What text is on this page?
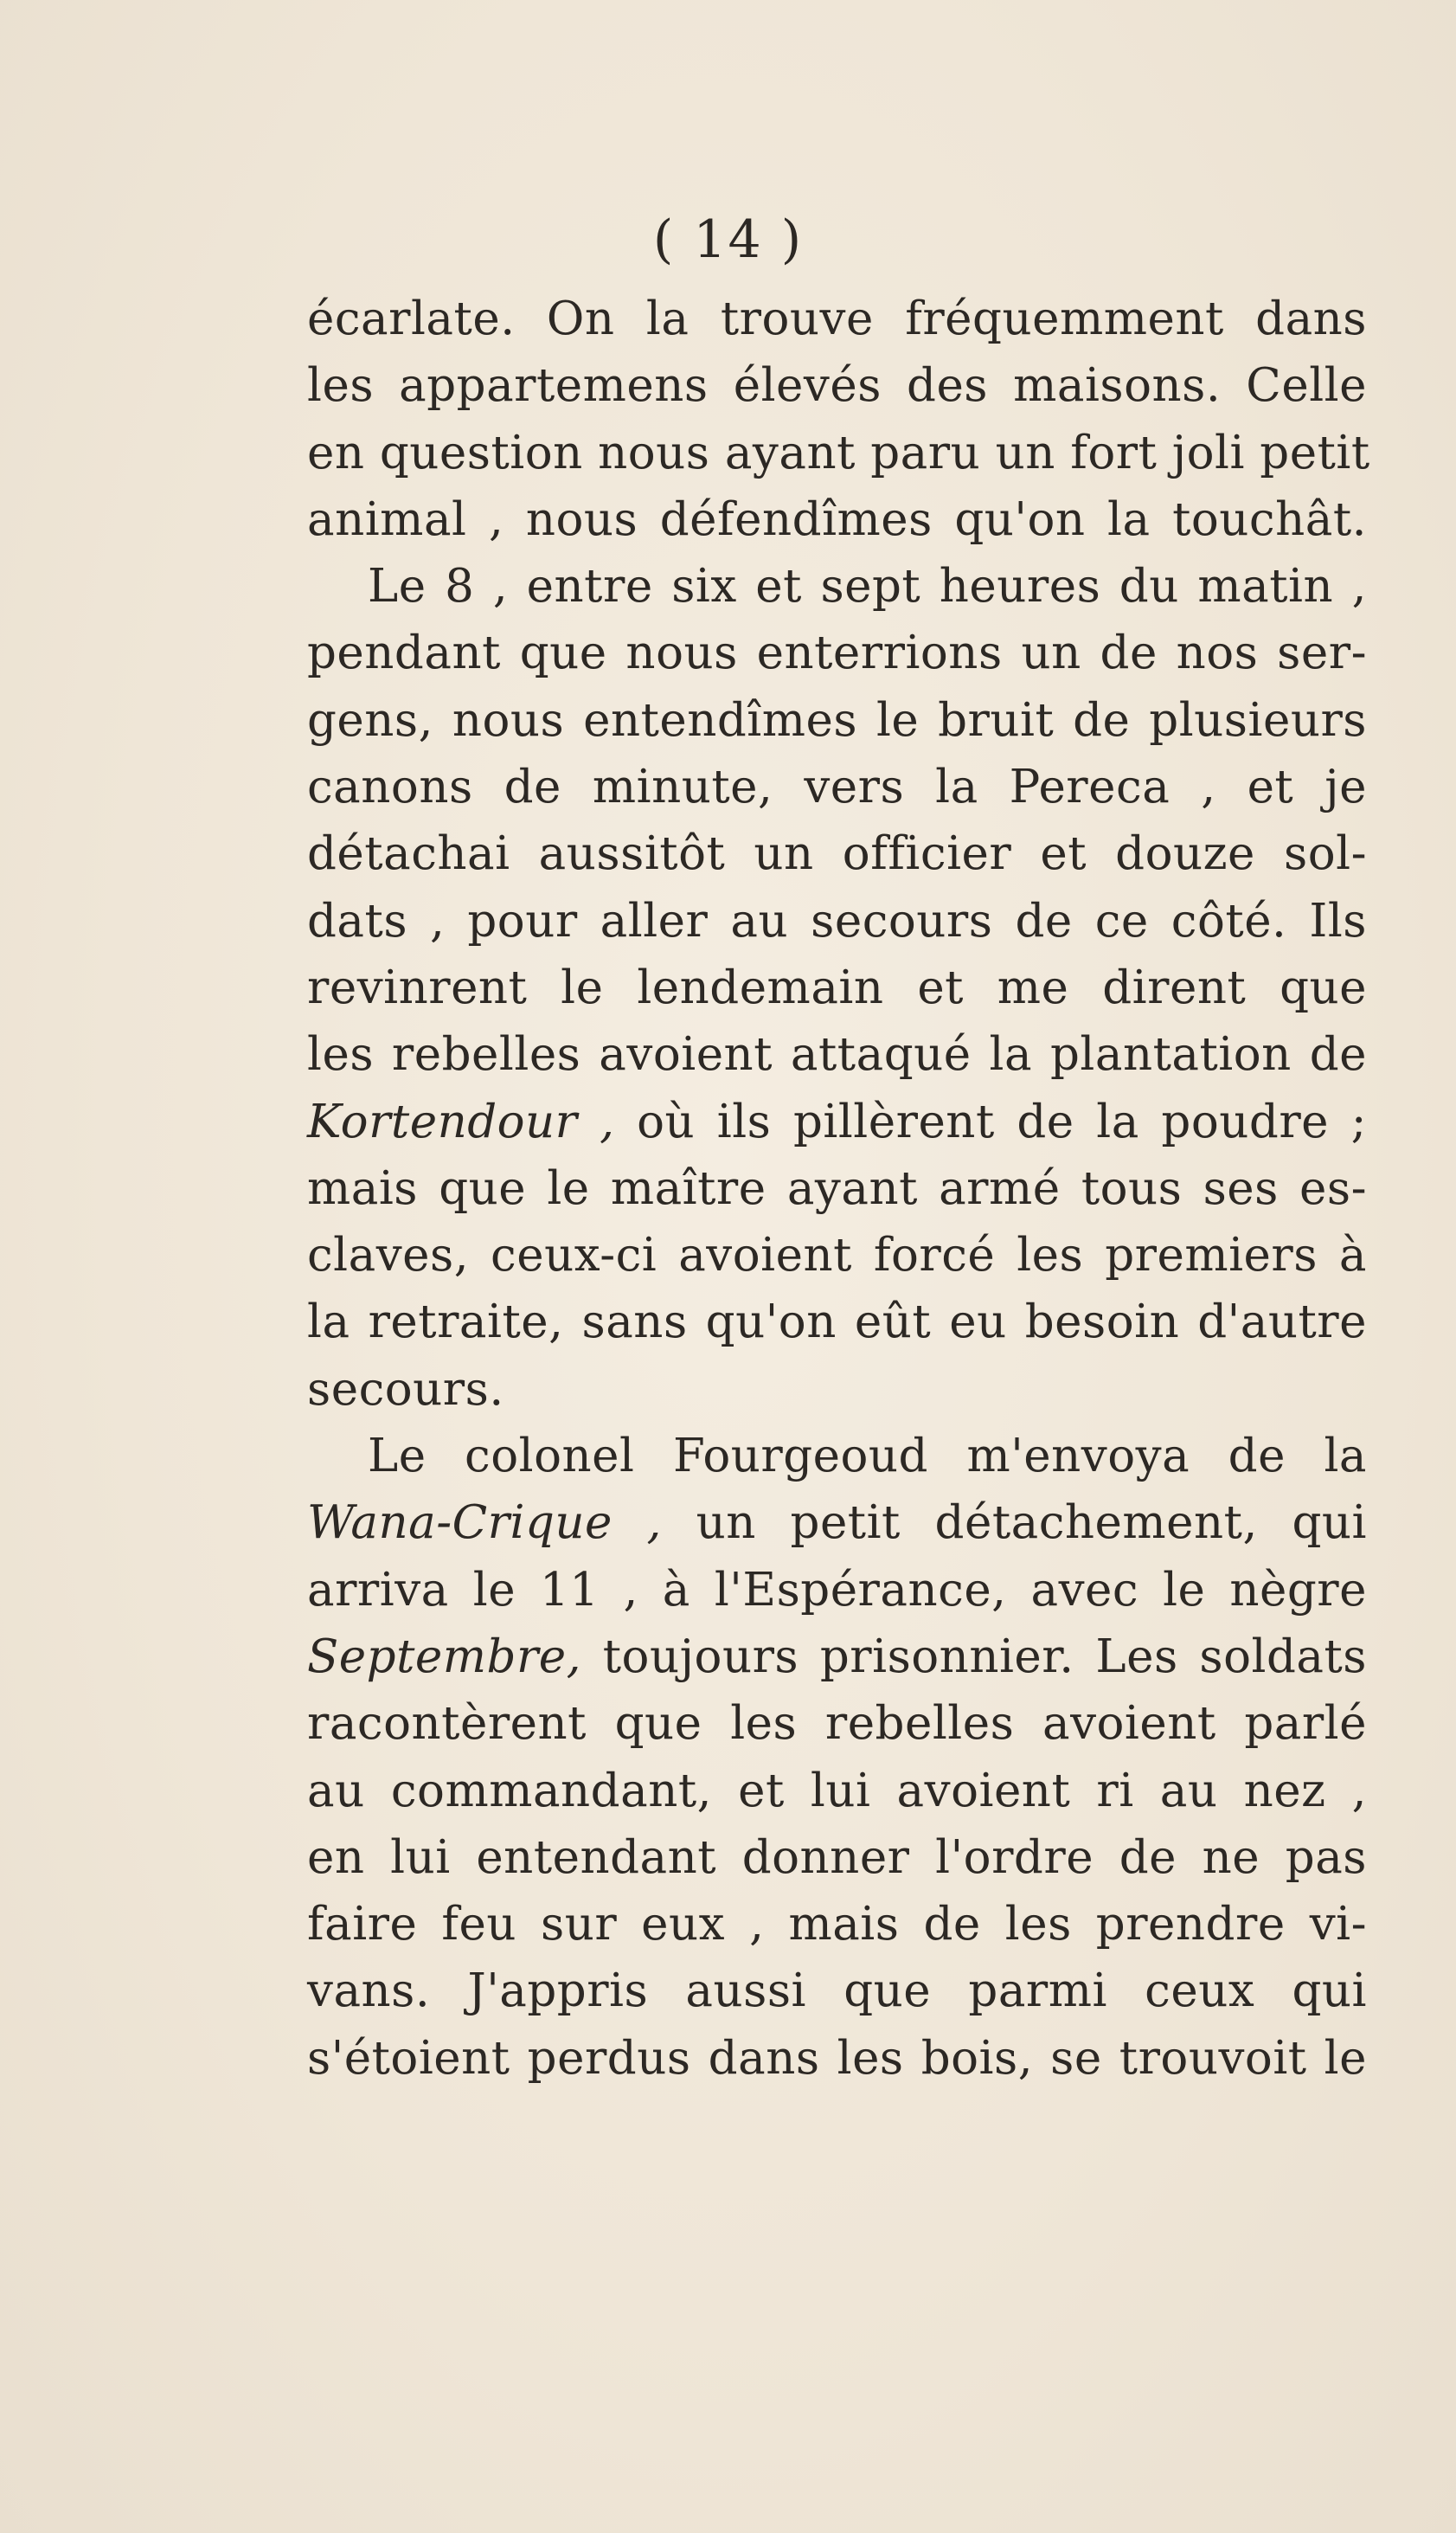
( 14 )
écarlate. On la trouve fréquemment dans
les appartemens élevés des maisons. Celle
en question nous ayant paru un fort joli petit
animal , nous défendîmes qu'on la touchât.
Le 8 , entre six et sept heures du matin ,
pendant que nous enterrions un de nos ser-
gens, nous entendîmes le bruit de plusieurs
canons de minute, vers la Pereca , et je
détachai aussitôt un officier et douze sol-
dats , pour aller au secours de ce côté. Ils
revinrent le lendemain et me dirent que
les rebelles avoient attaqué la plantation de
Kortendour , où ils pillèrent de la poudre ;
mais que le maître ayant armé tous ses es-
claves, ceux-ci avoient forcé les premiers à
la retraite, sans qu'on eût eu besoin d'autre
secours.
Le colonel Fourgeoud m'envoya de la
Wana-Crique , un petit détachement, qui
arriva le 11 , à l'Espérance, avec le nègre
Septembre, toujours prisonnier. Les soldats
racontèrent que les rebelles avoient parlé
au commandant, et lui avoient ri au nez ,
en lui entendant donner l'ordre de ne pas
faire feu sur eux , mais de les prendre vi-
vans. J'appris aussi que parmi ceux qui
s'étoient perdus dans les bois, se trouvoit le
